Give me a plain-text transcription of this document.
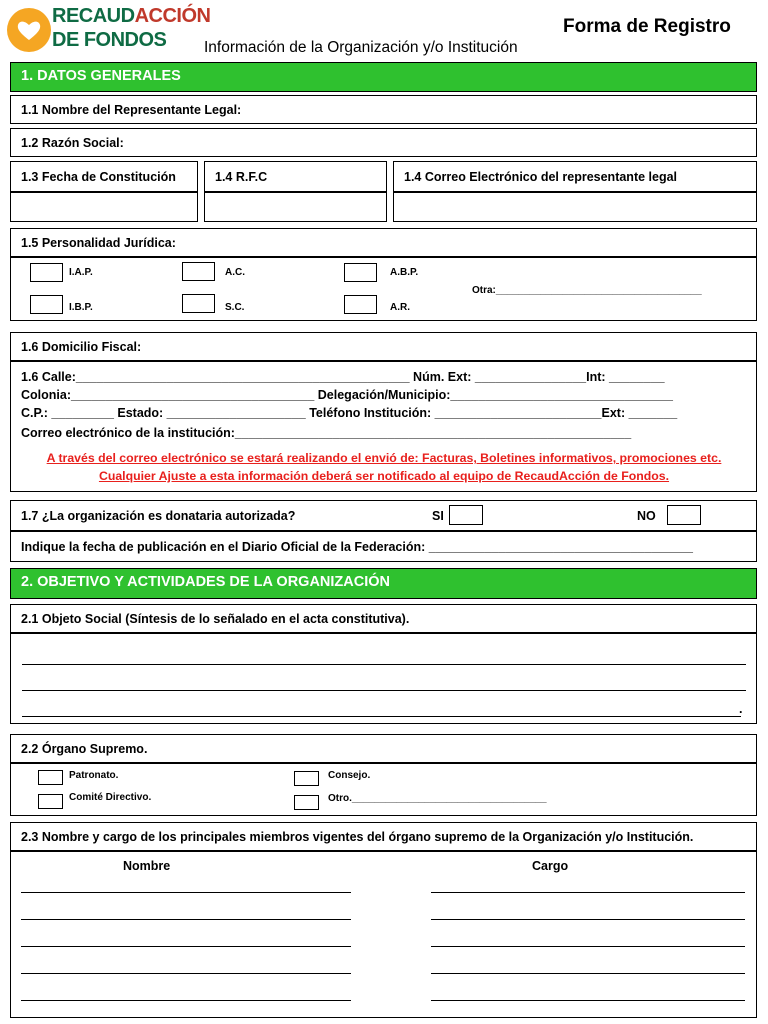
RECAUDACCIÓN
DE FONDOS
Forma de Registro
Información de la Organización y/o Institución
1. DATOS GENERALES
1.1 Nombre del Representante Legal:
1.2 Razón Social:
1.3 Fecha de Constitución	1.4 R.F.C	1.4 Correo Electrónico del representante legal
1.5 Personalidad Jurídica:
I.A.P.	A.C.	A.B.P.
I.B.P.	S.C.	A.R.
Otra:_____________________________________
1.6 Domicilio Fiscal:
1.6 Calle:________________________________________________ Núm. Ext: ________________Int: ________
Colonia:___________________________________ Delegación/Municipio:________________________________
C.P.: _________ Estado: ____________________ Teléfono Institución: ________________________Ext: _______
Correo electrónico de la institución:_________________________________________________________
A través del correo electrónico se estará realizando el envió de: Facturas, Boletines informativos, promociones etc.
Cualquier Ajuste a esta información deberá ser notificado al equipo de RecaudAcción de Fondos.
1.7 ¿La organización es donataria autorizada?	SI	NO
Indique la fecha de publicación en el Diario Oficial de la Federación: ______________________________________
2. OBJETIVO Y ACTIVIDADES DE LA ORGANIZACIÓN
2.1 Objeto Social (Síntesis de lo señalado en el acta constitutiva).
.
2.2 Órgano Supremo.
Patronato.	Consejo.
Comité Directivo.	Otro.___________________________________
2.3 Nombre y cargo de los principales miembros vigentes del órgano supremo de la Organización y/o Institución.
Nombre	Cargo
